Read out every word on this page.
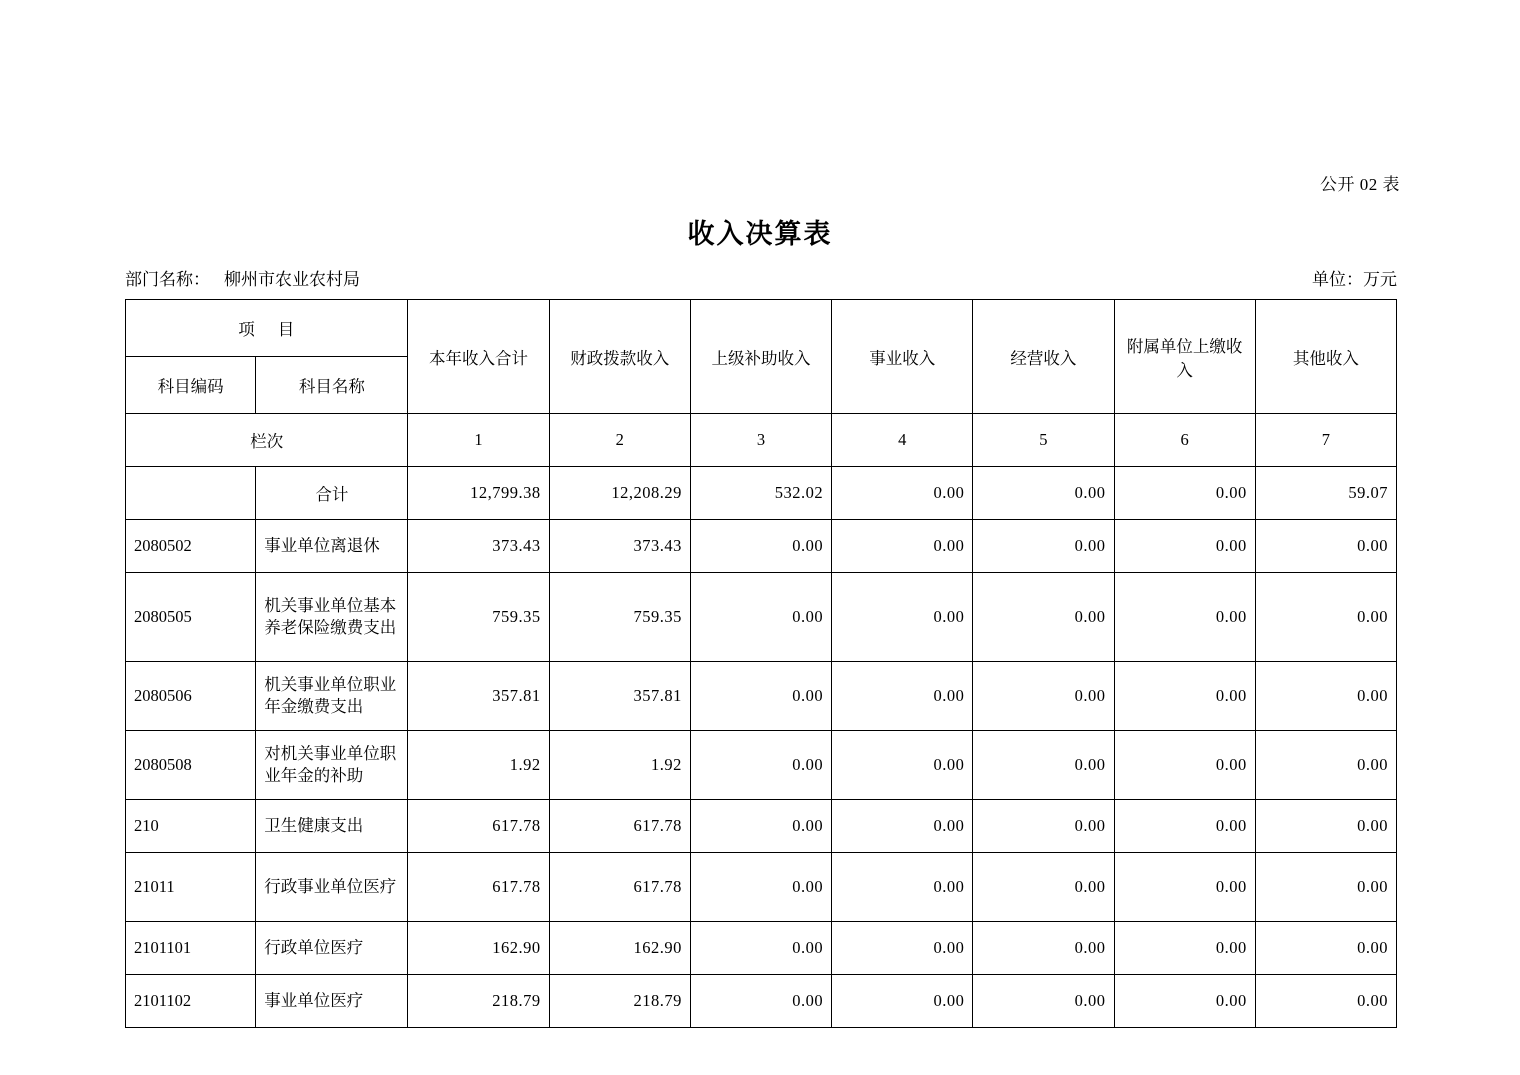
公开 02 表
收入决算表
部门名称： 柳州市农业农村局	单位：万元
项 目		本年收入合计	财政拨款收入	上级补助收入	事业收入	经营收入	附属单位上缴收入	其他收入
科目编码	科目名称							
栏次		1	2	3	4	5	6	7
	合计	12,799.38	12,208.29	532.02	0.00	0.00	0.00	59.07
2080502	事业单位离退休	373.43	373.43	0.00	0.00	0.00	0.00	0.00
2080505	机关事业单位基本养老保险缴费支出	759.35	759.35	0.00	0.00	0.00	0.00	0.00
2080506	机关事业单位职业年金缴费支出	357.81	357.81	0.00	0.00	0.00	0.00	0.00
2080508	对机关事业单位职业年金的补助	1.92	1.92	0.00	0.00	0.00	0.00	0.00
210	卫生健康支出	617.78	617.78	0.00	0.00	0.00	0.00	0.00
21011	行政事业单位医疗	617.78	617.78	0.00	0.00	0.00	0.00	0.00
2101101	行政单位医疗	162.90	162.90	0.00	0.00	0.00	0.00	0.00
2101102	事业单位医疗	218.79	218.79	0.00	0.00	0.00	0.00	0.00
